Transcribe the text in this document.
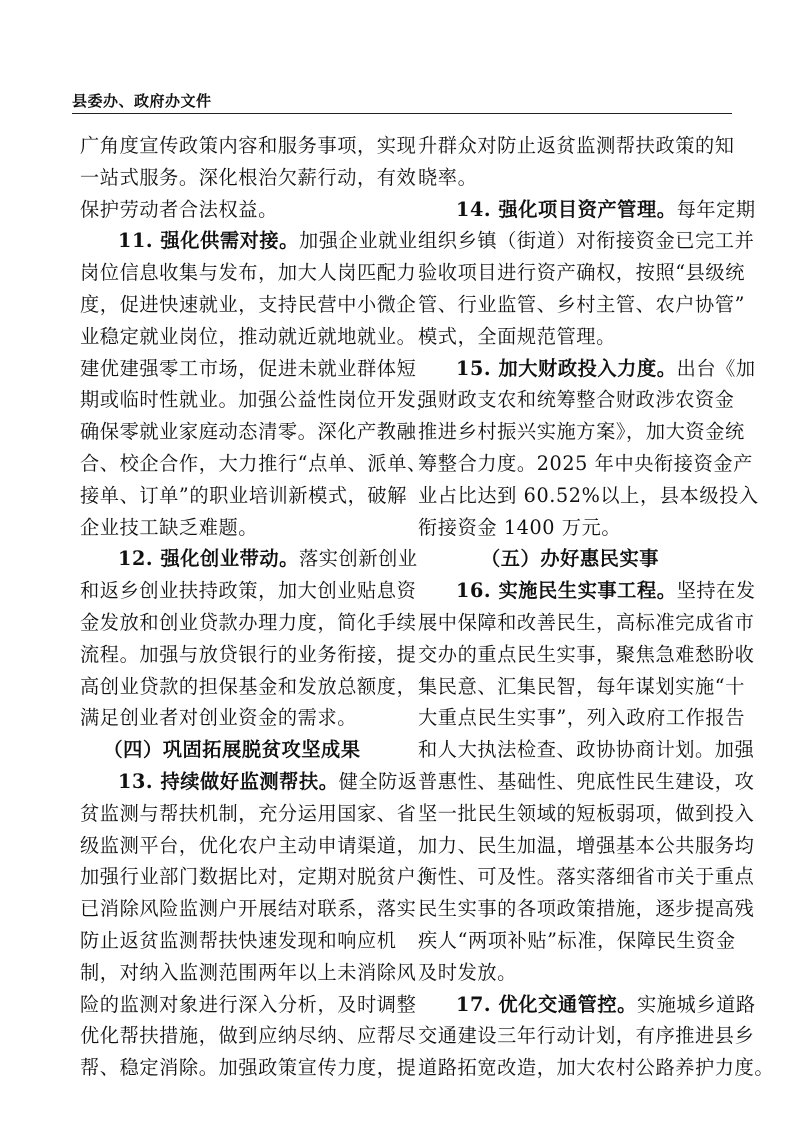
县委办、政府办文件
广角度宣传政策内容和服务事项，实现
一站式服务。深化根治欠薪行动，有效
保护劳动者合法权益。
11. 强化供需对接。加强企业就业
岗位信息收集与发布，加大人岗匹配力
度，促进快速就业，支持民营中小微企
业稳定就业岗位，推动就近就地就业。
建优建强零工市场，促进未就业群体短
期或临时性就业。加强公益性岗位开发，
确保零就业家庭动态清零。深化产教融
合、校企合作，大力推行“点单、派单、
接单、订单”的职业培训新模式，破解
企业技工缺乏难题。
12. 强化创业带动。落实创新创业
和返乡创业扶持政策，加大创业贴息资
金发放和创业贷款办理力度，简化手续
流程。加强与放贷银行的业务衔接，提
高创业贷款的担保基金和发放总额度，
满足创业者对创业资金的需求。
（四）巩固拓展脱贫攻坚成果
13. 持续做好监测帮扶。健全防返
贫监测与帮扶机制，充分运用国家、省
级监测平台，优化农户主动申请渠道，
加强行业部门数据比对，定期对脱贫户、
已消除风险监测户开展结对联系，落实
防止返贫监测帮扶快速发现和响应机
制，对纳入监测范围两年以上未消除风
险的监测对象进行深入分析，及时调整
优化帮扶措施，做到应纳尽纳、应帮尽
帮、稳定消除。加强政策宣传力度，提
升群众对防止返贫监测帮扶政策的知
晓率。
14. 强化项目资产管理。每年定期
组织乡镇（街道）对衔接资金已完工并
验收项目进行资产确权，按照“县级统
管、行业监管、乡村主管、农户协管”
模式，全面规范管理。
15. 加大财政投入力度。出台《加
强财政支农和统筹整合财政涉农资金
推进乡村振兴实施方案》，加大资金统
筹整合力度。2025 年中央衔接资金产
业占比达到 60.52%以上，县本级投入
衔接资金 1400 万元。
（五）办好惠民实事
16. 实施民生实事工程。坚持在发
展中保障和改善民生，高标准完成省市
交办的重点民生实事，聚焦急难愁盼收
集民意、汇集民智，每年谋划实施“十
大重点民生实事”，列入政府工作报告
和人大执法检查、政协协商计划。加强
普惠性、基础性、兜底性民生建设，攻
坚一批民生领域的短板弱项，做到投入
加力、民生加温，增强基本公共服务均
衡性、可及性。落实落细省市关于重点
民生实事的各项政策措施，逐步提高残
疾人“两项补贴”标准，保障民生资金
及时发放。
17. 优化交通管控。实施城乡道路
交通建设三年行动计划，有序推进县乡
道路拓宽改造，加大农村公路养护力度。
